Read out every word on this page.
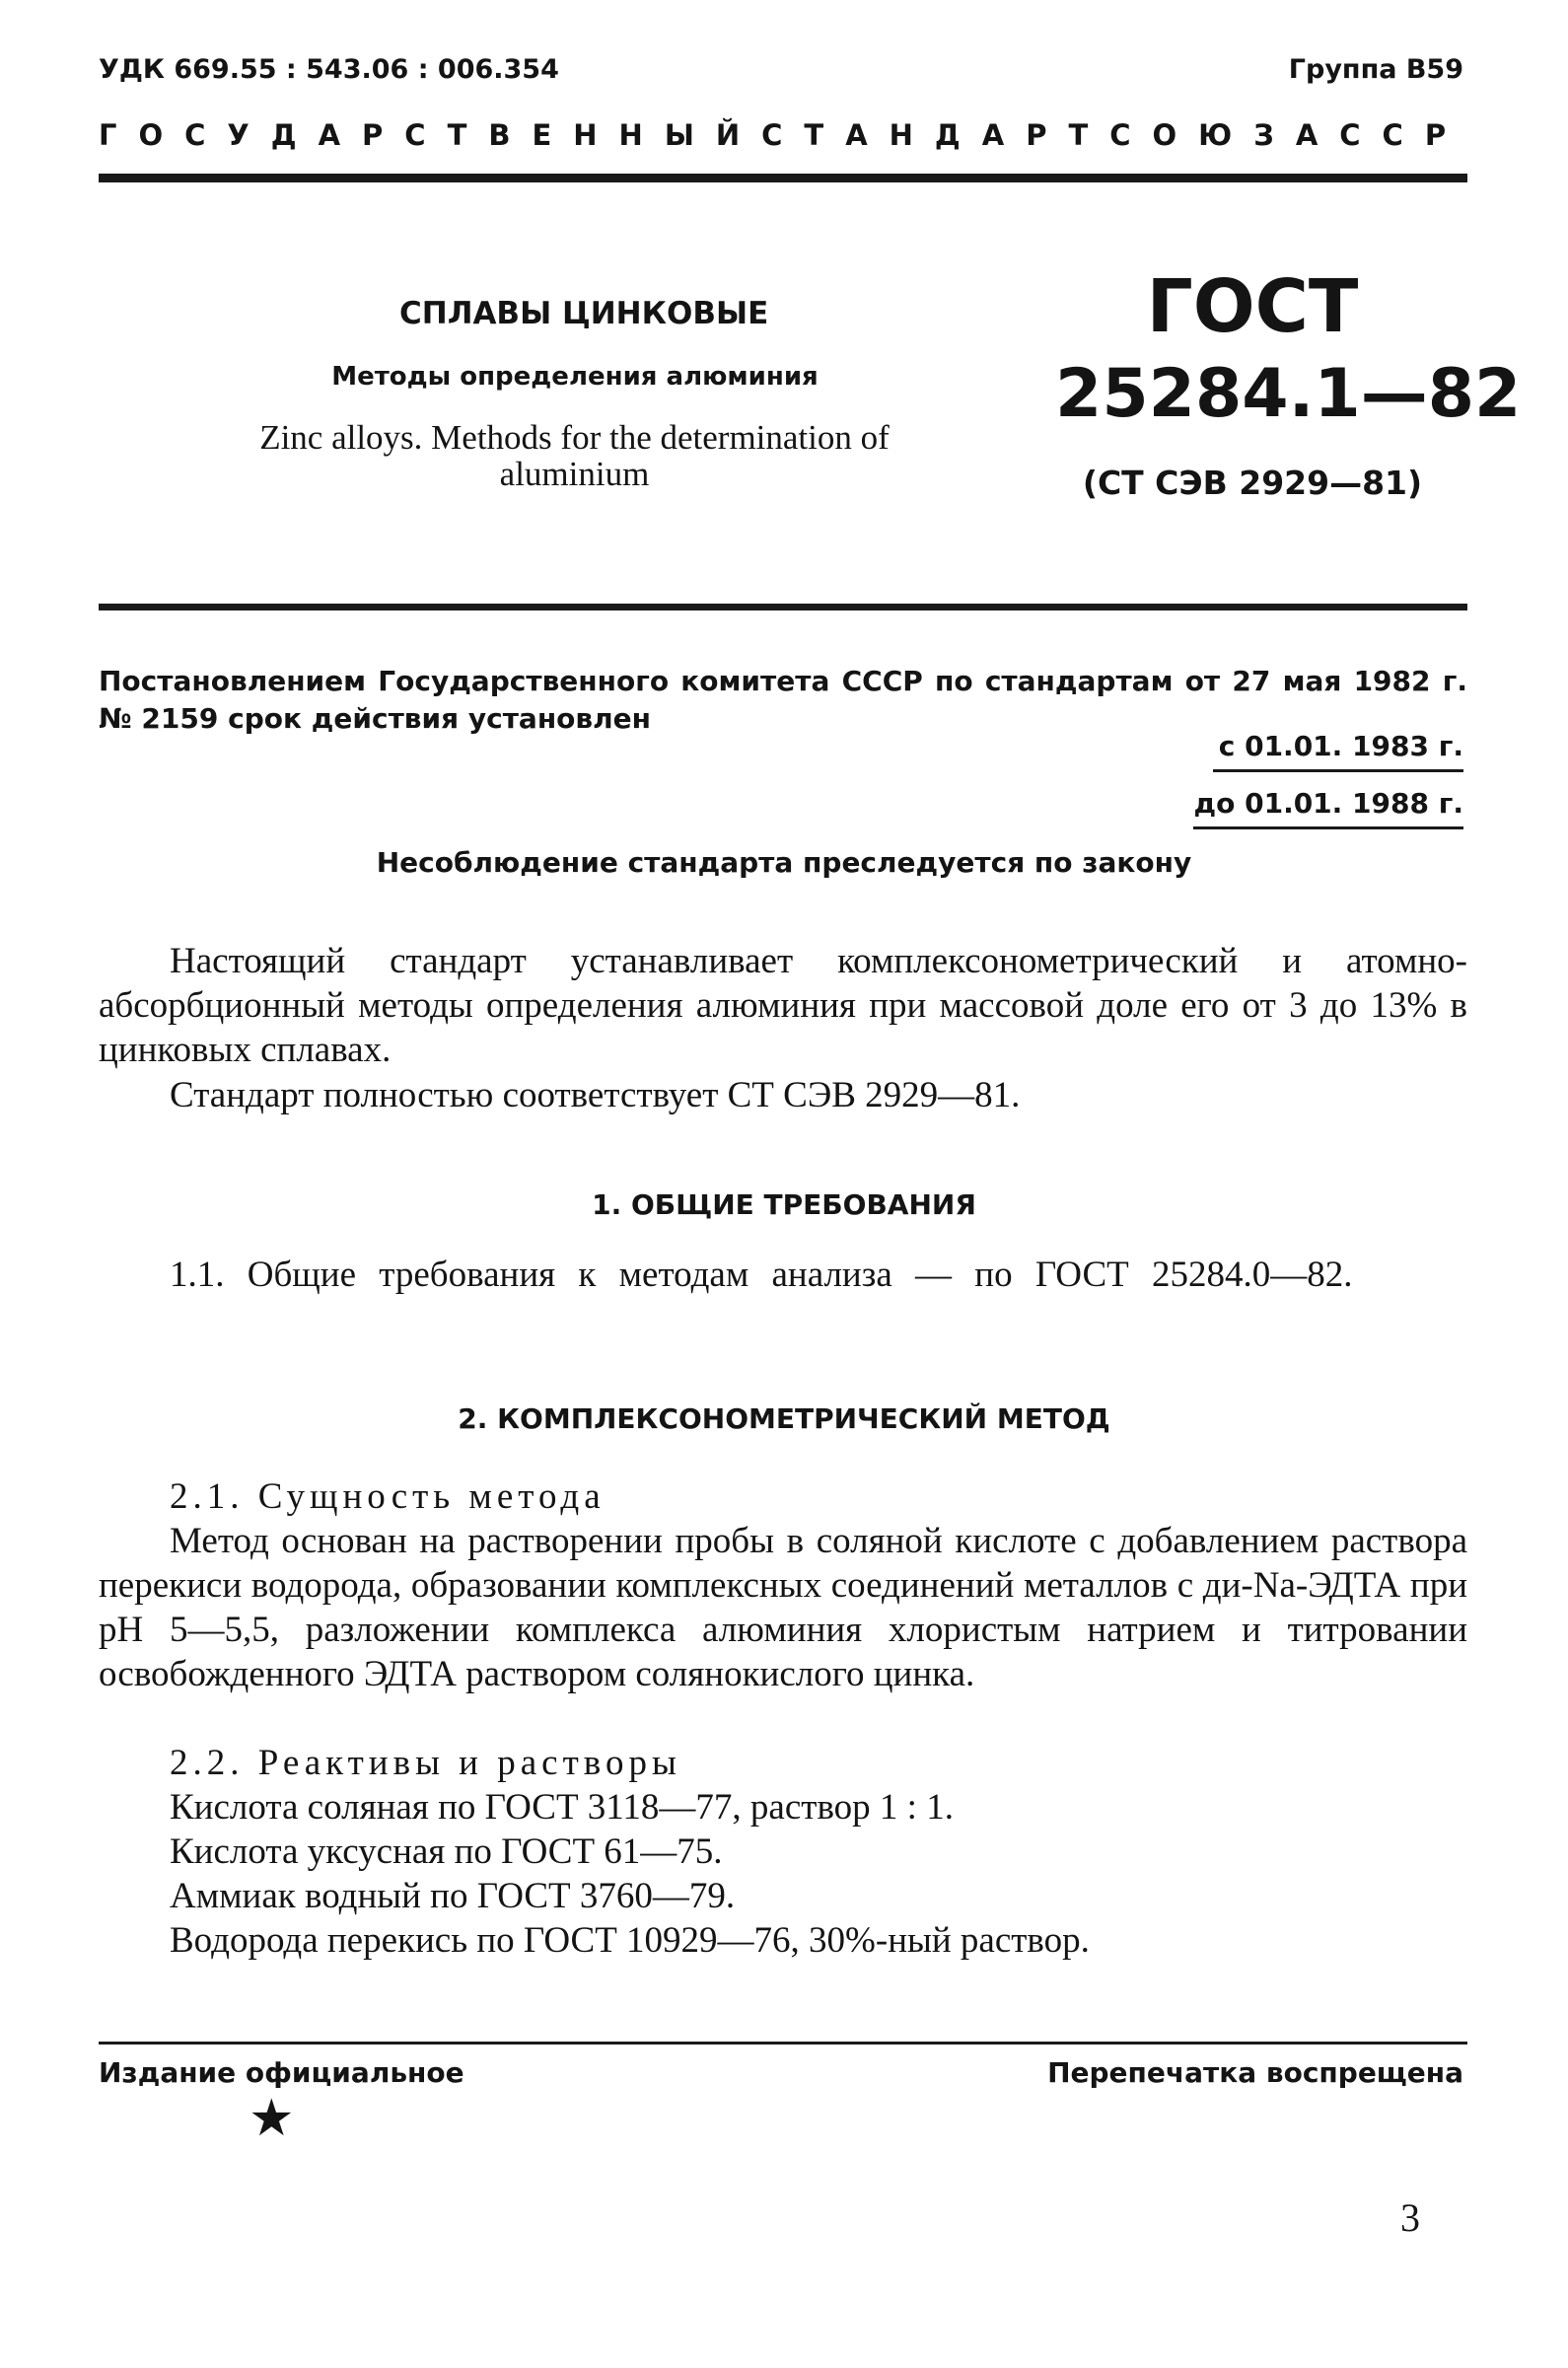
УДК 669.55 : 543.06 : 006.354	Группа В59
ГОСУДАРСТВЕННЫЙ СТАНДАРТ СОЮЗА ССР
СПЛАВЫ ЦИНКОВЫЕ
Методы определения алюминия
Zinc alloys. Methods for the determination of aluminium
ГОСТ
25284.1—82
(СТ СЭВ 2929—81)
Постановлением Государственного комитета СССР по стандартам от 27 мая 1982 г. № 2159 срок действия установлен
с 01.01. 1983 г.
до 01.01. 1988 г.
Несоблюдение стандарта преследуется по закону
Настоящий стандарт устанавливает комплексонометрический и атомно-абсорбционный методы определения алюминия при массовой доле его от 3 до 13% в цинковых сплавах.
Стандарт полностью соответствует СТ СЭВ 2929—81.
1. ОБЩИЕ ТРЕБОВАНИЯ
1.1. Общие требования к методам анализа — по ГОСТ 25284.0—82.
2. КОМПЛЕКСОНОМЕТРИЧЕСКИЙ МЕТОД
2.1. Сущность метода
Метод основан на растворении пробы в соляной кислоте с добавлением раствора перекиси водорода, образовании комплексных соединений металлов с ди-Na-ЭДТА при pH 5—5,5, разложении комплекса алюминия хлористым натрием и титровании освобожденного ЭДТА раствором солянокислого цинка.
2.2. Реактивы и растворы
Кислота соляная по ГОСТ 3118—77, раствор 1 : 1.
Кислота уксусная по ГОСТ 61—75.
Аммиак водный по ГОСТ 3760—79.
Водорода перекись по ГОСТ 10929—76, 30%-ный раствор.
Издание официальное	Перепечатка воспрещена
★
3
